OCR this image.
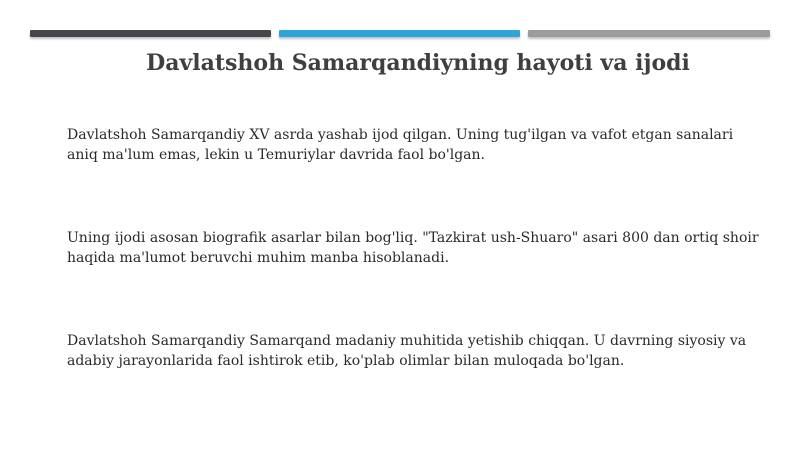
Davlatshoh Samarqandiyning hayoti va ijodi

Davlatshoh Samarqandiy XV asrda yashab ijod qilgan. Uning tug'ilgan va vafot etgan sanalari aniq ma'lum emas, lekin u Temuriylar davrida faol bo'lgan.

Uning ijodi asosan biografik asarlar bilan bog'liq. "Tazkirat ush-Shuaro" asari 800 dan ortiq shoir haqida ma'lumot beruvchi muhim manba hisoblanadi.

Davlatshoh Samarqandiy Samarqand madaniy muhitida yetishib chiqqan. U davrning siyosiy va adabiy jarayonlarida faol ishtirok etib, ko'plab olimlar bilan muloqada bo'lgan.
